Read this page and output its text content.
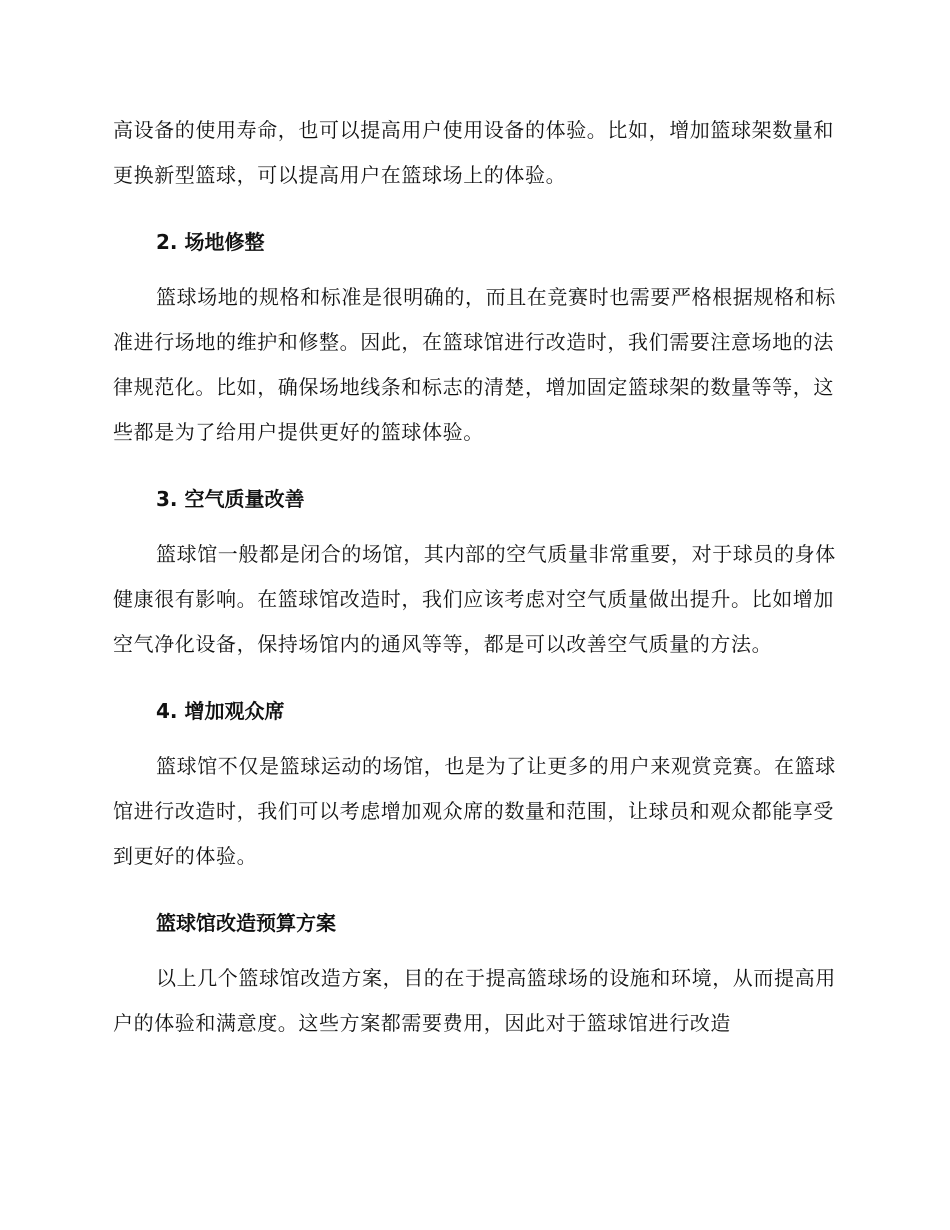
高设备的使用寿命，也可以提高用户使用设备的体验。比如，增加篮球架数量和更换新型篮球，可以提高用户在篮球场上的体验。

2. 场地修整

篮球场地的规格和标准是很明确的，而且在竞赛时也需要严格根据规格和标准进行场地的维护和修整。因此，在篮球馆进行改造时，我们需要注意场地的法律规范化。比如，确保场地线条和标志的清楚，增加固定篮球架的数量等等，这些都是为了给用户提供更好的篮球体验。

3. 空气质量改善

篮球馆一般都是闭合的场馆，其内部的空气质量非常重要，对于球员的身体健康很有影响。在篮球馆改造时，我们应该考虑对空气质量做出提升。比如增加空气净化设备，保持场馆内的通风等等，都是可以改善空气质量的方法。

4. 增加观众席

篮球馆不仅是篮球运动的场馆，也是为了让更多的用户来观赏竞赛。在篮球馆进行改造时，我们可以考虑增加观众席的数量和范围，让球员和观众都能享受到更好的体验。

篮球馆改造预算方案

以上几个篮球馆改造方案，目的在于提高篮球场的设施和环境，从而提高用户的体验和满意度。这些方案都需要费用，因此对于篮球馆进行改造
